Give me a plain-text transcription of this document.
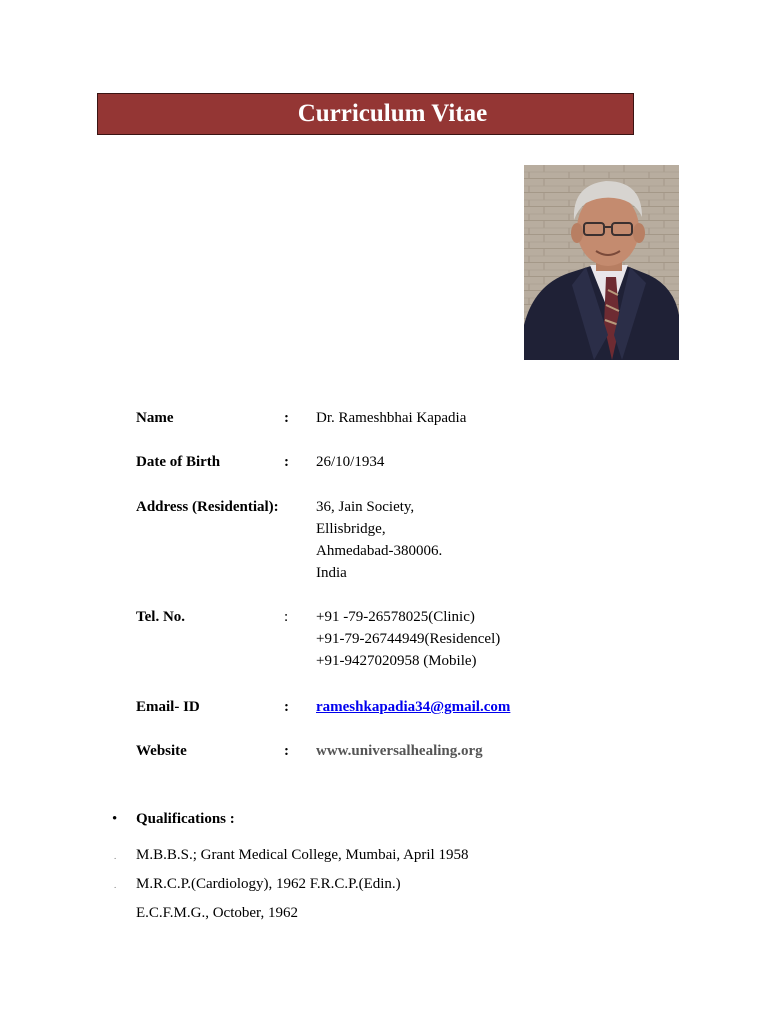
Curriculum Vitae
Name	: Dr. Rameshbhai Kapadia
Date of Birth	: 26/10/1934
Address (Residential): 36, Jain Society,
Ellisbridge,
Ahmedabad-380006.
India
Tel. No.	: +91 -79-26578025(Clinic)
+91-79-26744949(Residencel)
+91-9427020958 (Mobile)
Email- ID	: rameshkapadia34@gmail.com
Website	: www.universalhealing.org
• Qualifications :
. M.B.B.S.; Grant Medical College, Mumbai, April 1958
. M.R.C.P.(Cardiology), 1962 F.R.C.P.(Edin.)
E.C.F.M.G., October, 1962
